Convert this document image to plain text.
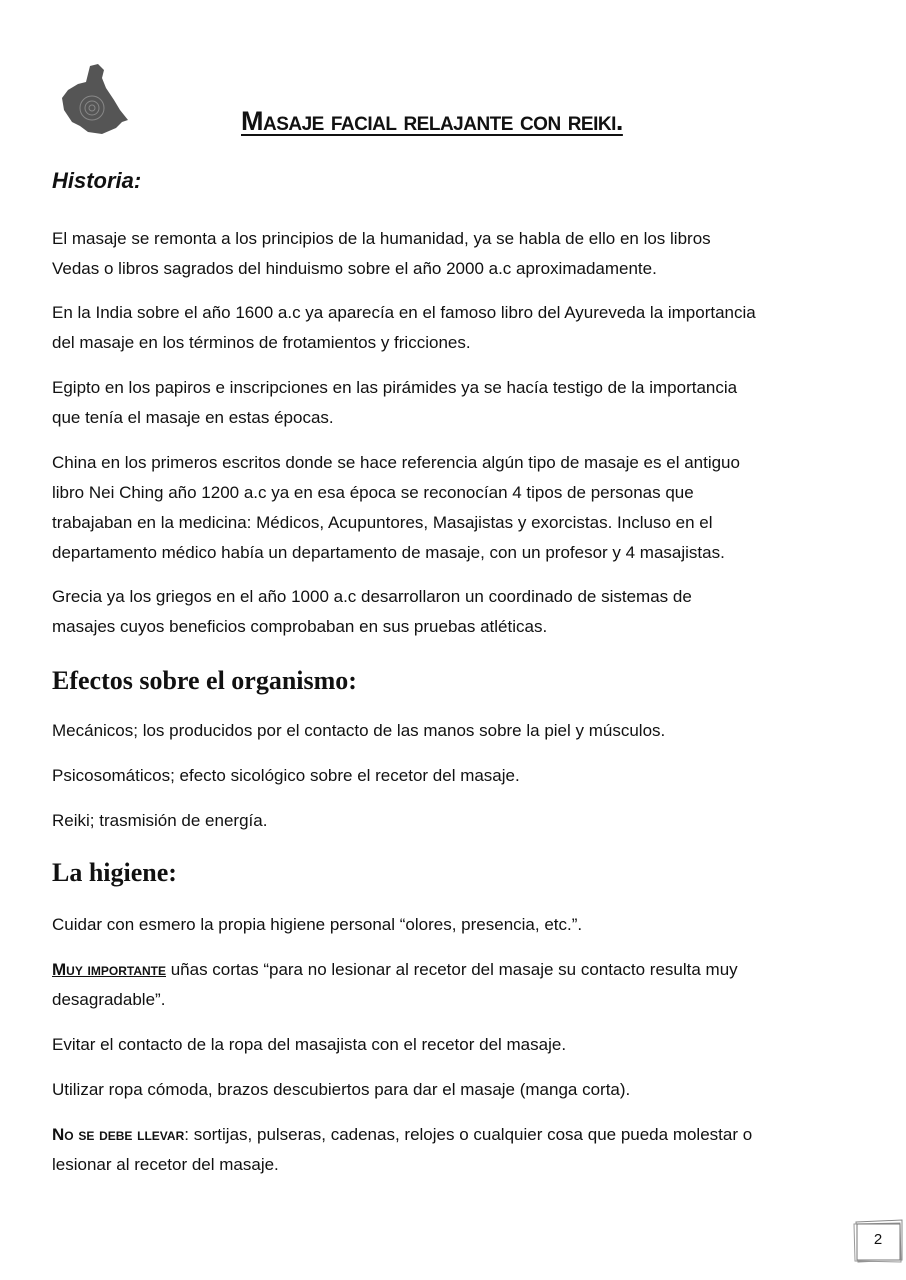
Masaje facial relajante con reiki.
Historia:
El masaje se remonta a los principios de la humanidad, ya se habla de ello en los libros
Vedas o libros sagrados del hinduismo sobre el año 2000 a.c aproximadamente.
En la India sobre el año 1600 a.c ya aparecía en el famoso libro del Ayureveda la importancia
del masaje en los términos de frotamientos y fricciones.
Egipto en los papiros e inscripciones en las pirámides ya se hacía testigo de la importancia
que tenía el masaje en estas épocas.
China en los primeros escritos donde se hace referencia algún tipo de masaje es el antiguo
libro Nei Ching año 1200 a.c ya en esa época se reconocían 4 tipos de personas que
trabajaban en la medicina: Médicos, Acupuntores, Masajistas y exorcistas. Incluso en el
departamento médico había un departamento de masaje, con un profesor y 4 masajistas.
Grecia ya los griegos en el año 1000 a.c desarrollaron un coordinado de sistemas de
masajes cuyos beneficios comprobaban en sus pruebas atléticas.
Efectos sobre el organismo:
Mecánicos; los producidos por el contacto de las manos sobre la piel y músculos.
Psicosomáticos; efecto sicológico sobre el recetor del masaje.
Reiki; trasmisión de energía.
La higiene:
Cuidar con esmero la propia higiene personal “olores, presencia, etc.”.
Muy importante uñas cortas “para no lesionar al recetor del masaje su contacto resulta muy
desagradable”.
Evitar el contacto de la ropa del masajista con el recetor del masaje.
Utilizar ropa cómoda, brazos descubiertos para dar el masaje (manga corta).
No se debe llevar: sortijas, pulseras, cadenas, relojes o cualquier cosa que pueda molestar o
lesionar al recetor del masaje.
2
